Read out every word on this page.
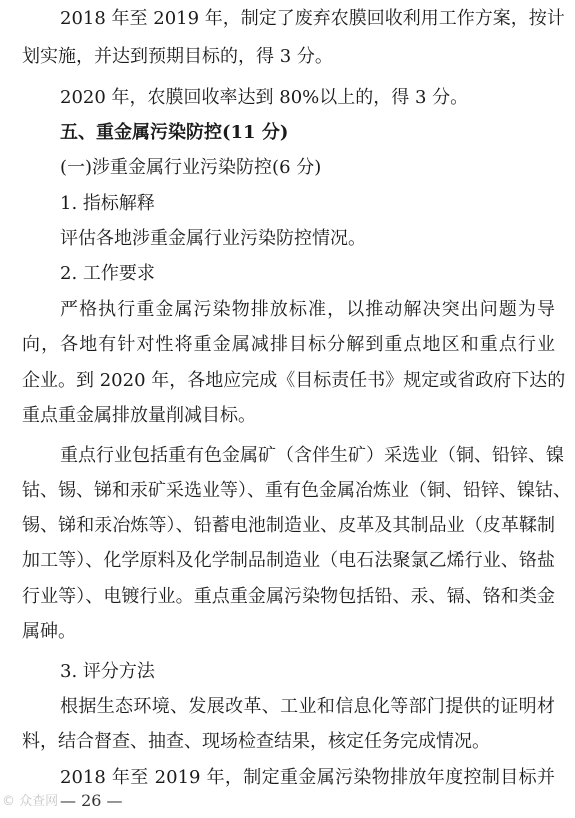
2018 年至 2019 年，制定了废弃农膜回收利用工作方案，按计

划实施，并达到预期目标的，得 3 分。

2020 年，农膜回收率达到 80%以上的，得 3 分。

五、重金属污染防控(11 分)

(一)涉重金属行业污染防控(6 分)

1. 指标解释

评估各地涉重金属行业污染防控情况。

2. 工作要求

严格执行重金属污染物排放标准，以推动解决突出问题为导

向，各地有针对性将重金属减排目标分解到重点地区和重点行业

企业。到 2020 年，各地应完成《目标责任书》规定或省政府下达的

重点重金属排放量削减目标。

重点行业包括重有色金属矿（含伴生矿）采选业（铜、铅锌、镍

钴、锡、锑和汞矿采选业等）、重有色金属冶炼业（铜、铅锌、镍钴、

锡、锑和汞冶炼等）、铅蓄电池制造业、皮革及其制品业（皮革鞣制

加工等）、化学原料及化学制品制造业（电石法聚氯乙烯行业、铬盐

行业等）、电镀行业。重点重金属污染物包括铅、汞、镉、铬和类金

属砷。

3. 评分方法

根据生态环境、发展改革、工业和信息化等部门提供的证明材

料，结合督查、抽查、现场检查结果，核定任务完成情况。

2018 年至 2019 年，制定重金属污染物排放年度控制目标并

© 众查网 — 26 —
